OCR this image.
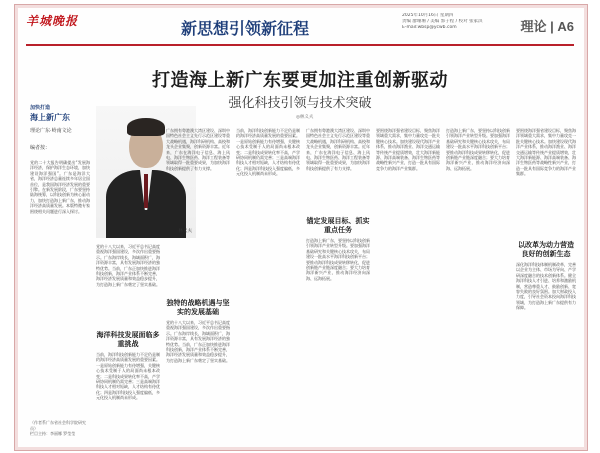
羊城晚报	新思想引领新征程
2025年10月16日 星期四
责编 廖珊珊 / 美编 郭子程 / 校对 张家淇
E-mail:wbsp@ycwb.com	理论 | A6
打造海上新广东要更加注重创新驱动
强化科技引领与技术突破
◎林义夫
加快打造
海上新广东
理论广东·岭南文论
编者按：
林义夫
党的二十大报告明确提出“发展海洋经济，保护海洋生态环境，加快建设海洋强国”。广东是海洋大省，海洋经济总量连续多年居全国首位，是我国海洋经济发展的重要引擎。在新发展阶段，广东要坚持陆海统筹，以科技创新为核心驱动力，加快打造海上新广东，推动海洋经济高质量发展。本版特邀专家围绕相关问题进行深入探讨。
党的十八大以来，习近平总书记高度重视海洋强国建设，多次作出重要指示。广东海岸线长，海域面积广，海洋资源丰富，具有发展海洋经济的独特优势。当前，广东正加快推进海洋科技创新，海洋产业体系不断完善，海洋经济发展质量和效益稳步提升，为打造海上新广东奠定了坚实基础。
海洋科技发展面临多重挑战
当前，海洋科技创新能力不足仍是制约海洋经济高质量发展的重要因素。一是原始创新能力有待增强，关键核心技术受制于人的局面尚未根本改变；二是科技成果转化率不高，产学研协同机制仍需完善；三是高端海洋科技人才相对短缺，人才结构有待优化；四是海洋科技投入强度偏低，多元化投入机制尚未形成。
广东拥有粤港澳大湾区建设、深圳中国特色社会主义先行示范区建设等重大战略机遇，海洋科研机构、高校和龙头企业集聚，创新资源丰富。近年来，广东在海洋电子信息、海上风电、海洋生物医药、海洋工程装备等领域取得一批重要成果，为加快海洋科技创新提供了有力支撑。
独特的战略机遇与坚实的发展基础
党的十八大以来，习近平总书记高度重视海洋强国建设，多次作出重要指示。广东海岸线长，海域面积广，海洋资源丰富，具有发展海洋经济的独特优势。当前，广东正加快推进海洋科技创新，海洋产业体系不断完善，海洋经济发展质量和效益稳步提升，为打造海上新广东奠定了坚实基础。
当前，海洋科技创新能力不足仍是制约海洋经济高质量发展的重要因素。一是原始创新能力有待增强，关键核心技术受制于人的局面尚未根本改变；二是科技成果转化率不高，产学研协同机制仍需完善；三是高端海洋科技人才相对短缺，人才结构有待优化；四是海洋科技投入强度偏低，多元化投入机制尚未形成。
广东拥有粤港澳大湾区建设、深圳中国特色社会主义先行示范区建设等重大战略机遇，海洋科研机构、高校和龙头企业集聚，创新资源丰富。近年来，广东在海洋电子信息、海上风电、海洋生物医药、海洋工程装备等领域取得一批重要成果，为加快海洋科技创新提供了有力支撑。
锚定发展目标、抓实重点任务
打造海上新广东，要坚持以科技创新引领海洋产业转型升级。要加强海洋基础研究和关键核心技术攻关，布局建设一批高水平海洋科技创新平台；要推动海洋科技成果转移转化，促进创新链产业链深度融合；要大力培育海洋新兴产业，推动海洋经济向深海、远海拓展。
要围绕海洋强省建设目标，聚焦海洋领域重大需求，集中力量攻克一批关键核心技术。加快建设现代海洋产业体系，推动海洋渔业、海洋交通运输等传统产业提质增效，壮大海洋新能源、海洋高端装备、海洋生物医药等战略性新兴产业，打造一批具有国际竞争力的海洋产业集群。
打造海上新广东，要坚持以科技创新引领海洋产业转型升级。要加强海洋基础研究和关键核心技术攻关，布局建设一批高水平海洋科技创新平台；要推动海洋科技成果转移转化，促进创新链产业链深度融合；要大力培育海洋新兴产业，推动海洋经济向深海、远海拓展。
要围绕海洋强省建设目标，聚焦海洋领域重大需求，集中力量攻克一批关键核心技术。加快建设现代海洋产业体系，推动海洋渔业、海洋交通运输等传统产业提质增效，壮大海洋新能源、海洋高端装备、海洋生物医药等战略性新兴产业，打造一批具有国际竞争力的海洋产业集群。
以改革为动力营造良好的创新生态
深化海洋科技体制机制改革，完善以企业为主体、市场为导向、产学研深度融合的技术创新体系。健全海洋科技人才引进、培养和激励机制，营造尊重人才、鼓励创新、宽容失败的良好氛围。加大财政投入力度，引导社会资本投向海洋科技领域，为打造海上新广东提供有力保障。
（作者系广东省社会科学院研究员）
栏目主持：李丽娜 罗莹莹
